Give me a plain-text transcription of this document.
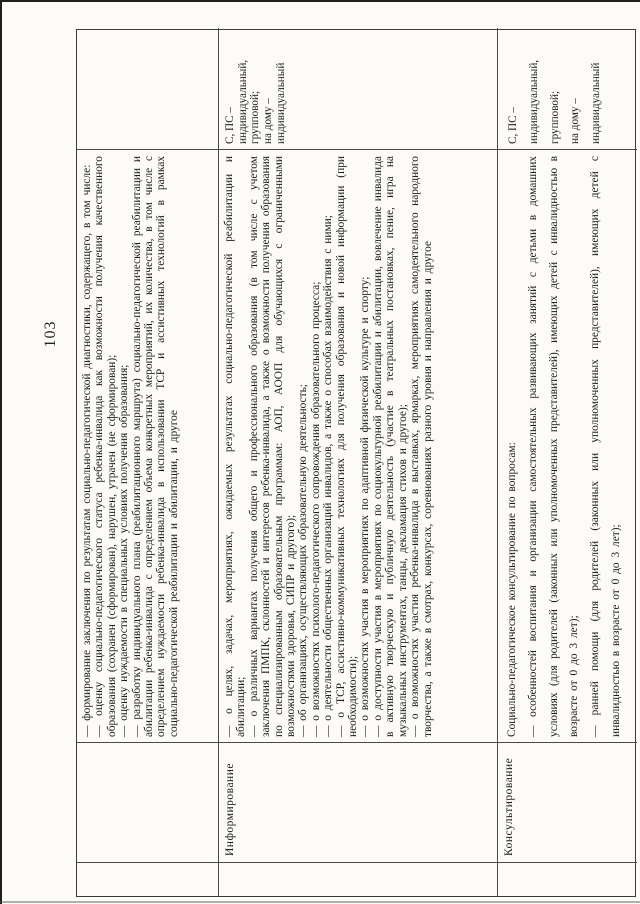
103 — формирование заключения по результатам социально-педагогической диагностики, содержащего, в том числе: — оценку социально-педагогического статуса ребенка-инвалида как возможности получения качественного образования (сохранен (сформирован), нарушен, утрачен (не сформирован); — оценку нуждаемости в специальных условиях получения образования; — разработку индивидуального плана (реабилитационного маршрута) социально-педагогической реабилитации и абилитации ребенка-инвалида с определением объема конкретных мероприятий, их количества, в том числе с определением нуждаемости ребенка-инвалида в использовании ТСР и ассистивных технологий в рамках социально-педагогической реабилитации и абилитации, и другое

Информирование

— о целях, задачах, мероприятиях, ожидаемых результатах социально-педагогической реабилитации и абилитации; — о различных вариантах получения общего и профессионального образования (в том числе с учетом заключения ПМПК, склонностей и интересов ребенка-инвалида, а также о возможности получения образования по специализированным образовательным программам: АОП, АООП для обучающихся с ограниченными возможностями здоровья, СИПР и другого); — об организациях, осуществляющих образовательную деятельность; — о возможностях психолого-педагогического сопровождения образовательного процесса; — о деятельности общественных организаций инвалидов, а также о способах взаимодействия с ними; — о ТСР, ассистивно-коммуникативных технологиях для получения образования и новой информации (при необходимости); — о возможностях участия в мероприятиях по адаптивной физической культуре и спорту; — о доступности участия в мероприятиях по социокультурной реабилитации и абилитации, вовлечение инвалида в активную творческую и публичную деятельность (участие в театральных постановках, пение, игра на музыкальных инструментах, танцы, декламация стихов и другое); — о возможностях участия ребенка-инвалида в выставках, ярмарках, мероприятиях самодеятельного народного творчества, а также в смотрах, конкурсах, соревнованиях разного уровня и направления и другое

С, ПС – индивидуальный, групповой; на дому – индивидуальный
Консультирование

Социально-педагогическое консультирование по вопросам: — особенностей воспитания и организации самостоятельных развивающих занятий с детьми в домашних условиях (для родителей (законных или уполномоченных представителей), имеющих детей с инвалидностью в возрасте от 0 до 3 лет); — ранней помощи (для родителей (законных или уполномоченных представителей), имеющих детей с инвалидностью в возрасте от 0 до 3 лет);

С, ПС – индивидуальный, групповой; на дому – индивидуальный
